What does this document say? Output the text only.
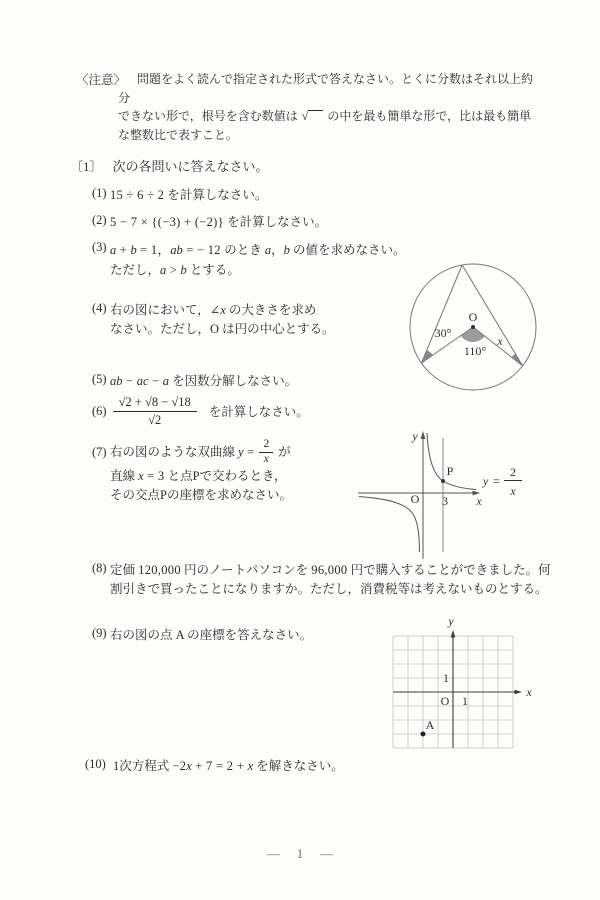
〈注意〉 問題をよく読んで指定された形式で答えなさい。とくに分数はそれ以上約分
できない形で，根号を含む数値は √ の中を最も簡単な形で，比は最も簡単
な整数比で表すこと。
〔1〕 次の各問いに答えなさい。
(1) 15 ÷ 6 ÷ 2 を計算しなさい。
(2) 5 − 7 × {(−3) + (−2)} を計算しなさい。
(3) a + b = 1，ab = − 12 のとき a，b の値を求めなさい。
ただし，a > b とする。
(4) 右の図において，∠x の大きさを求め
なさい。ただし，O は円の中心とする。
(5) ab − ac − a を因数分解しなさい。
$(6) \frac{√2 + √8 - √18}{√2}$ を計算しなさい。
(7) 右の図のような双曲線 $y = \frac{2}{x}$ が
直線 x = 3 と点Pで交わるとき，
その交点Pの座標を求めなさい。
(8) 定価 120,000 円のノートパソコンを 96,000 円で購入することができました。何
割引きで買ったことになりますか。ただし，消費税等は考えないものとする。
(9) 右の図の点 A の座標を答えなさい。
(10) 1次方程式 −2x + 7 = 2 + x を解きなさい。
O
30°
110°
x
P
y
x
O 3
y =
2
x
y
x
O 1
1
A
— 1 —
